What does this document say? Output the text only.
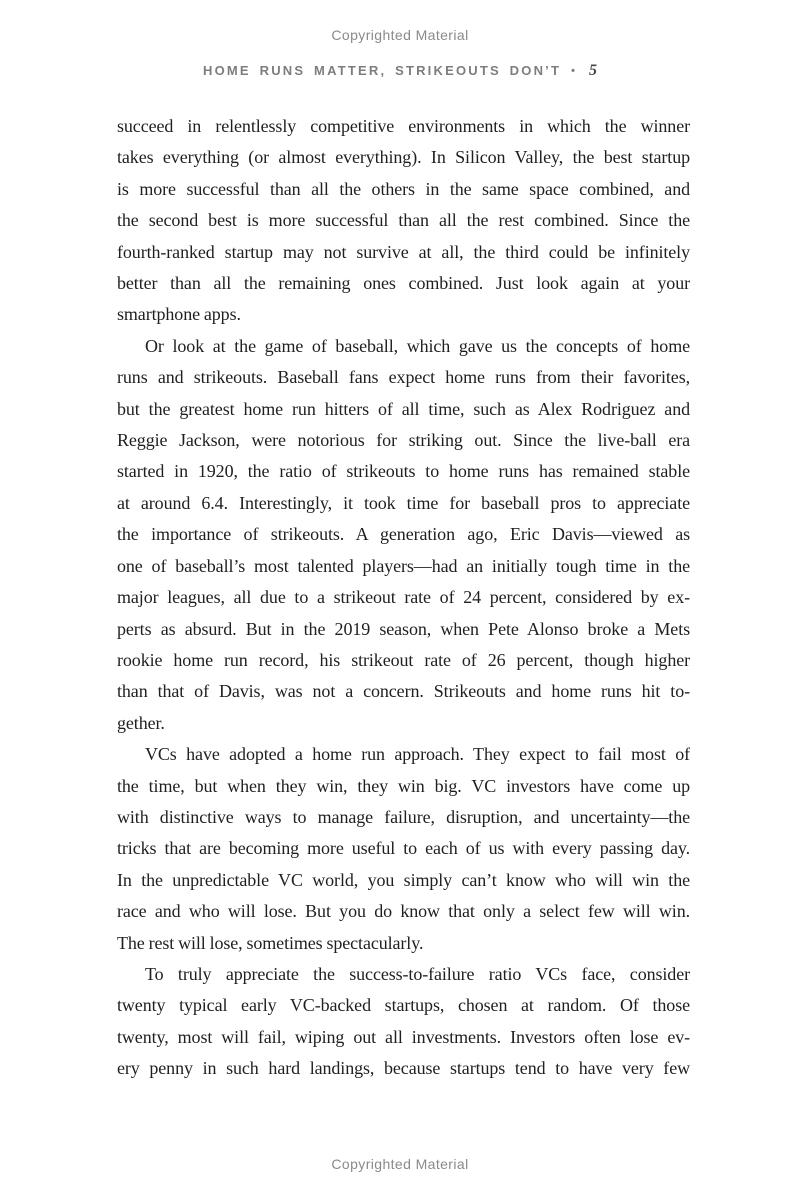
Copyrighted Material
HOME RUNS MATTER, STRIKEOUTS DON’T • 5
succeed in relentlessly competitive environments in which the winner
takes everything (or almost everything). In Silicon Valley, the best startup
is more successful than all the others in the same space combined, and
the second best is more successful than all the rest combined. Since the
fourth-ranked startup may not survive at all, the third could be infinitely
better than all the remaining ones combined. Just look again at your
smartphone apps.
Or look at the game of baseball, which gave us the concepts of home
runs and strikeouts. Baseball fans expect home runs from their favorites,
but the greatest home run hitters of all time, such as Alex Rodriguez and
Reggie Jackson, were notorious for striking out. Since the live-ball era
started in 1920, the ratio of strikeouts to home runs has remained stable
at around 6.4. Interestingly, it took time for baseball pros to appreciate
the importance of strikeouts. A generation ago, Eric Davis—viewed as
one of baseball’s most talented players—had an initially tough time in the
major leagues, all due to a strikeout rate of 24 percent, considered by ex-
perts as absurd. But in the 2019 season, when Pete Alonso broke a Mets
rookie home run record, his strikeout rate of 26 percent, though higher
than that of Davis, was not a concern. Strikeouts and home runs hit to-
gether.
VCs have adopted a home run approach. They expect to fail most of
the time, but when they win, they win big. VC investors have come up
with distinctive ways to manage failure, disruption, and uncertainty—the
tricks that are becoming more useful to each of us with every passing day.
In the unpredictable VC world, you simply can’t know who will win the
race and who will lose. But you do know that only a select few will win.
The rest will lose, sometimes spectacularly.
To truly appreciate the success-to-failure ratio VCs face, consider
twenty typical early VC-backed startups, chosen at random. Of those
twenty, most will fail, wiping out all investments. Investors often lose ev-
ery penny in such hard landings, because startups tend to have very few
Copyrighted Material
